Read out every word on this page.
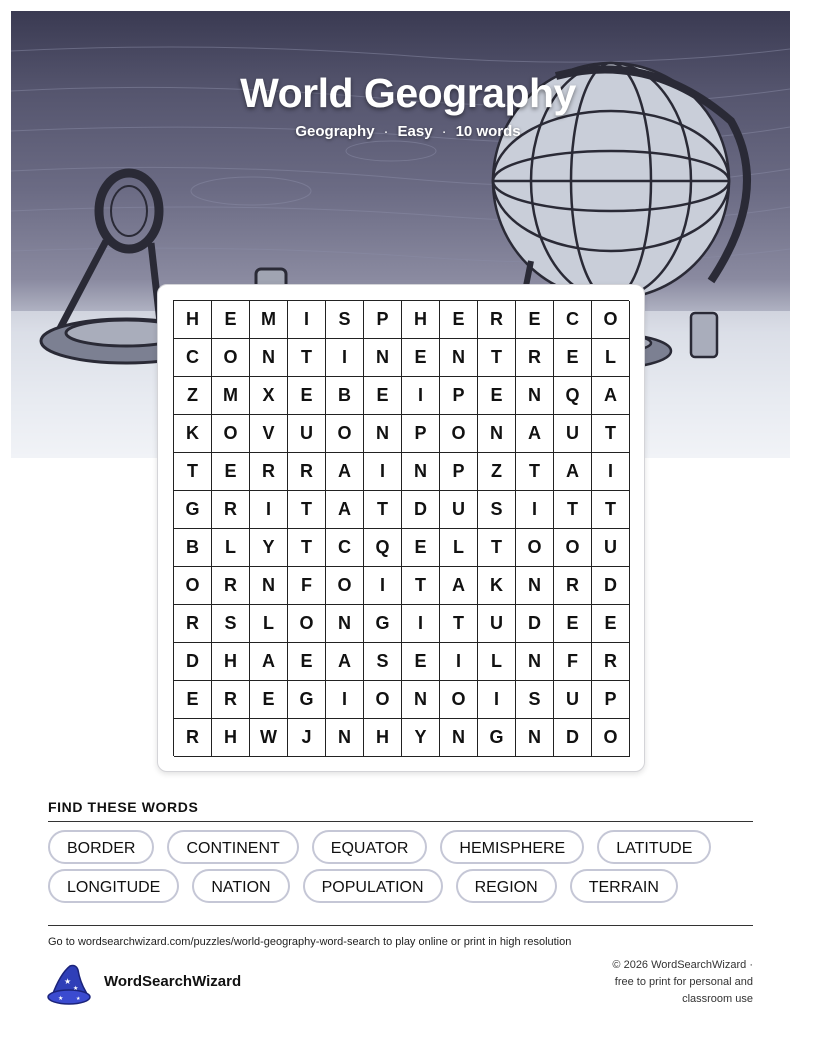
World Geography
Geography · Easy · 10 words
H	E	M	I	S	P	H	E	R	E	C	O
C	O	N	T	I	N	E	N	T	R	E	L
Z	M	X	E	B	E	I	P	E	N	Q	A
K	O	V	U	O	N	P	O	N	A	U	T
T	E	R	R	A	I	N	P	Z	T	A	I
G	R	I	T	A	T	D	U	S	I	T	T
B	L	Y	T	C	Q	E	L	T	O	O	U
O	R	N	F	O	I	T	A	K	N	R	D
R	S	L	O	N	G	I	T	U	D	E	E
D	H	A	E	A	S	E	I	L	N	F	R
E	R	E	G	I	O	N	O	I	S	U	P
R	H	W	J	N	H	Y	N	G	N	D	O
FIND THESE WORDS
BORDER	CONTINENT	EQUATOR	HEMISPHERE	LATITUDE
LONGITUDE	NATION	POPULATION	REGION	TERRAIN
Go to wordsearchwizard.com/puzzles/world-geography-word-search to play online or print in high resolution
★
★
★	★
WordSearchWizard
© 2026 WordSearchWizard ·
free to print for personal and
classroom use
